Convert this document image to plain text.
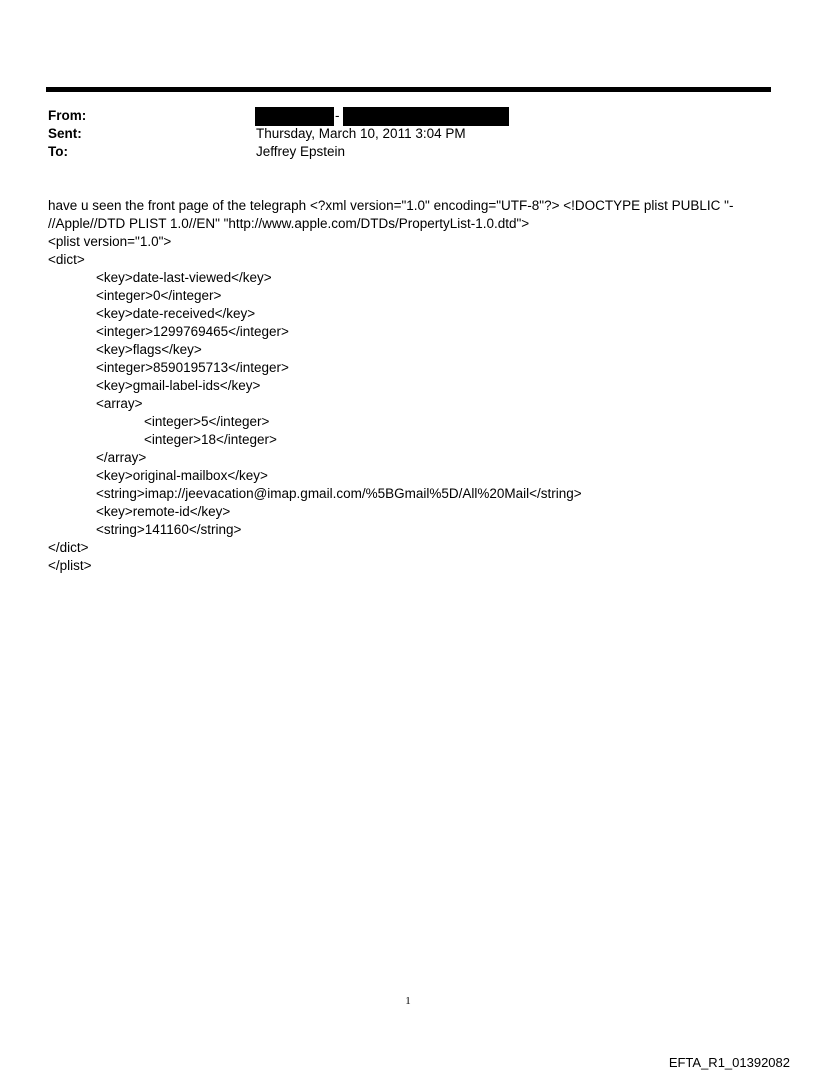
From:	-
Sent:	Thursday, March 10, 2011 3:04 PM
To:	Jeffrey Epstein
have u seen the front page of the telegraph <?xml version="1.0" encoding="UTF-8"?> <!DOCTYPE plist PUBLIC "-
//Apple//DTD PLIST 1.0//EN" "http://www.apple.com/DTDs/PropertyList-1.0.dtd">
<plist version="1.0">
<dict>
<key>date-last-viewed</key>
<integer>0</integer>
<key>date-received</key>
<integer>1299769465</integer>
<key>flags</key>
<integer>8590195713</integer>
<key>gmail-label-ids</key>
<array>
<integer>5</integer>
<integer>18</integer>
</array>
<key>original-mailbox</key>
<string>imap://jeevacation@imap.gmail.com/%5BGmail%5D/All%20Mail</string>
<key>remote-id</key>
<string>141160</string>
</dict>
</plist>
1
EFTA_R1_01392082
